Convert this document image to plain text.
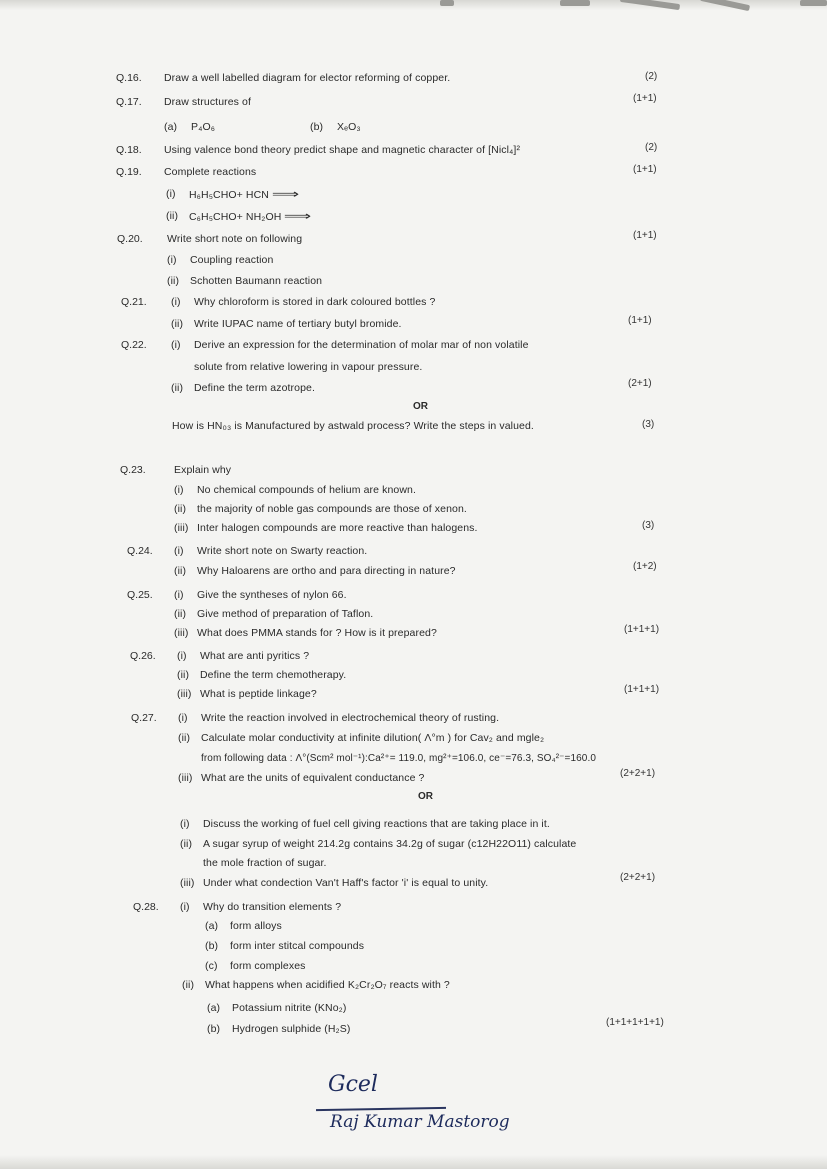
Q.16. Draw a well labelled diagram for elector reforming of copper.	(2)
Q.17. Draw structures of	(1+1)
(a) P₄O₆	(b) XₑO₃
Q.18. Using valence bond theory predict shape and magnetic character of [Nicl₄]²	(2)
Q.19. Complete reactions	(1+1)
(i) H₆H₅CHO+ HCN ⟹
(ii) C₆H₅CHO+ NH₂OH ⟹
Q.20. Write short note on following	(1+1)
(i) Coupling reaction
(ii) Schotten Baumann reaction
Q.21. (i) Why chloroform is stored in dark coloured bottles ?
(ii) Write IUPAC name of tertiary butyl bromide.	(1+1)
Q.22. (i) Derive an expression for the determination of molar mar of non volatile
solute from relative lowering in vapour pressure.
(ii) Define the term azotrope.	(2+1)
OR
How is HN₀₃ is Manufactured by astwald process? Write the steps in valued.	(3)
Q.23.	Explain why
(i) No chemical compounds of helium are known.
(ii) the majority of noble gas compounds are those of xenon.
(iii) Inter halogen compounds are more reactive than halogens.	(3)
Q.24. (i) Write short note on Swarty reaction.
(ii) Why Haloarens are ortho and para directing in nature?	(1+2)
Q.25. (i) Give the syntheses of nylon 66.
(ii) Give method of preparation of Taflon.
(iii) What does PMMA stands for ? How is it prepared?	(1+1+1)
Q.26. (i) What are anti pyritics ?
(ii) Define the term chemotherapy.
(iii) What is peptide linkage?	(1+1+1)
Q.27. (i) Write the reaction involved in electrochemical theory of rusting.
(ii) Calculate molar conductivity at infinite dilution( Λ°m ) for Cav₂ and mgle₂
from following data : Λ°(Scm² mol⁻¹):Ca²⁺= 119.0, mg²⁺=106.0, ce⁻=76.3, SO₄²⁻=160.0
(iii) What are the units of equivalent conductance ?	(2+2+1)
OR
(i) Discuss the working of fuel cell giving reactions that are taking place in it.
(ii) A sugar syrup of weight 214.2g contains 34.2g of sugar (c12H22O11) calculate
the mole fraction of sugar.
(iii) Under what condection Van't Haff's factor 'i' is equal to unity.	(2+2+1)
Q.28. (i) Why do transition elements ?
(a) form alloys
(b) form inter stitcal compounds
(c) form complexes
(ii) What happens when acidified K₂Cr₂O₇ reacts with ?
(a) Potassium nitrite (KNo₂)
(b) Hydrogen sulphide (H₂S)
(1+1+1+1+1)
Gcel
Raj Kumar Mastorog
